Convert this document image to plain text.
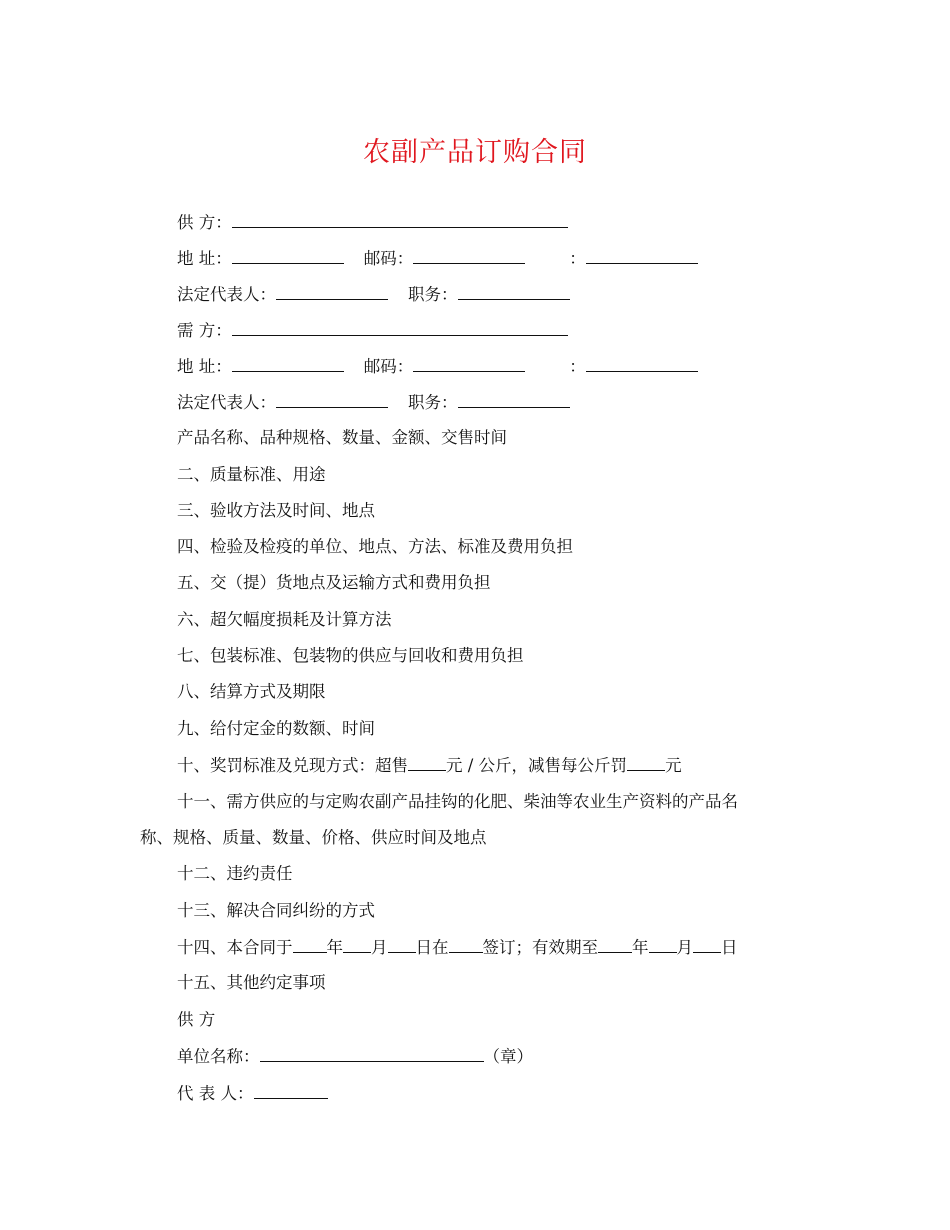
农副产品订购合同
供 方：
地 址：	邮码：	：
法定代表人：	职务：
需 方：
地 址：	邮码：	：
法定代表人：	职务：
产品名称、品种规格、数量、金额、交售时间
二、质量标准、用途
三、验收方法及时间、地点
四、检验及检疫的单位、地点、方法、标准及费用负担
五、交（提）货地点及运输方式和费用负担
六、超欠幅度损耗及计算方法
七、包装标准、包装物的供应与回收和费用负担
八、结算方式及期限
九、给付定金的数额、时间
十、奖罚标准及兑现方式：超售 元 / 公斤，减售每公斤罚 元
十一、需方供应的与定购农副产品挂钩的化肥、柴油等农业生产资料的产品名
称、规格、质量、数量、价格、供应时间及地点
十二、违约责任
十三、解决合同纠纷的方式
十四、本合同于 年 月 日在 签订；有效期至 年 月 日
十五、其他约定事项
供 方
单位名称：	（章）
代 表 人：
